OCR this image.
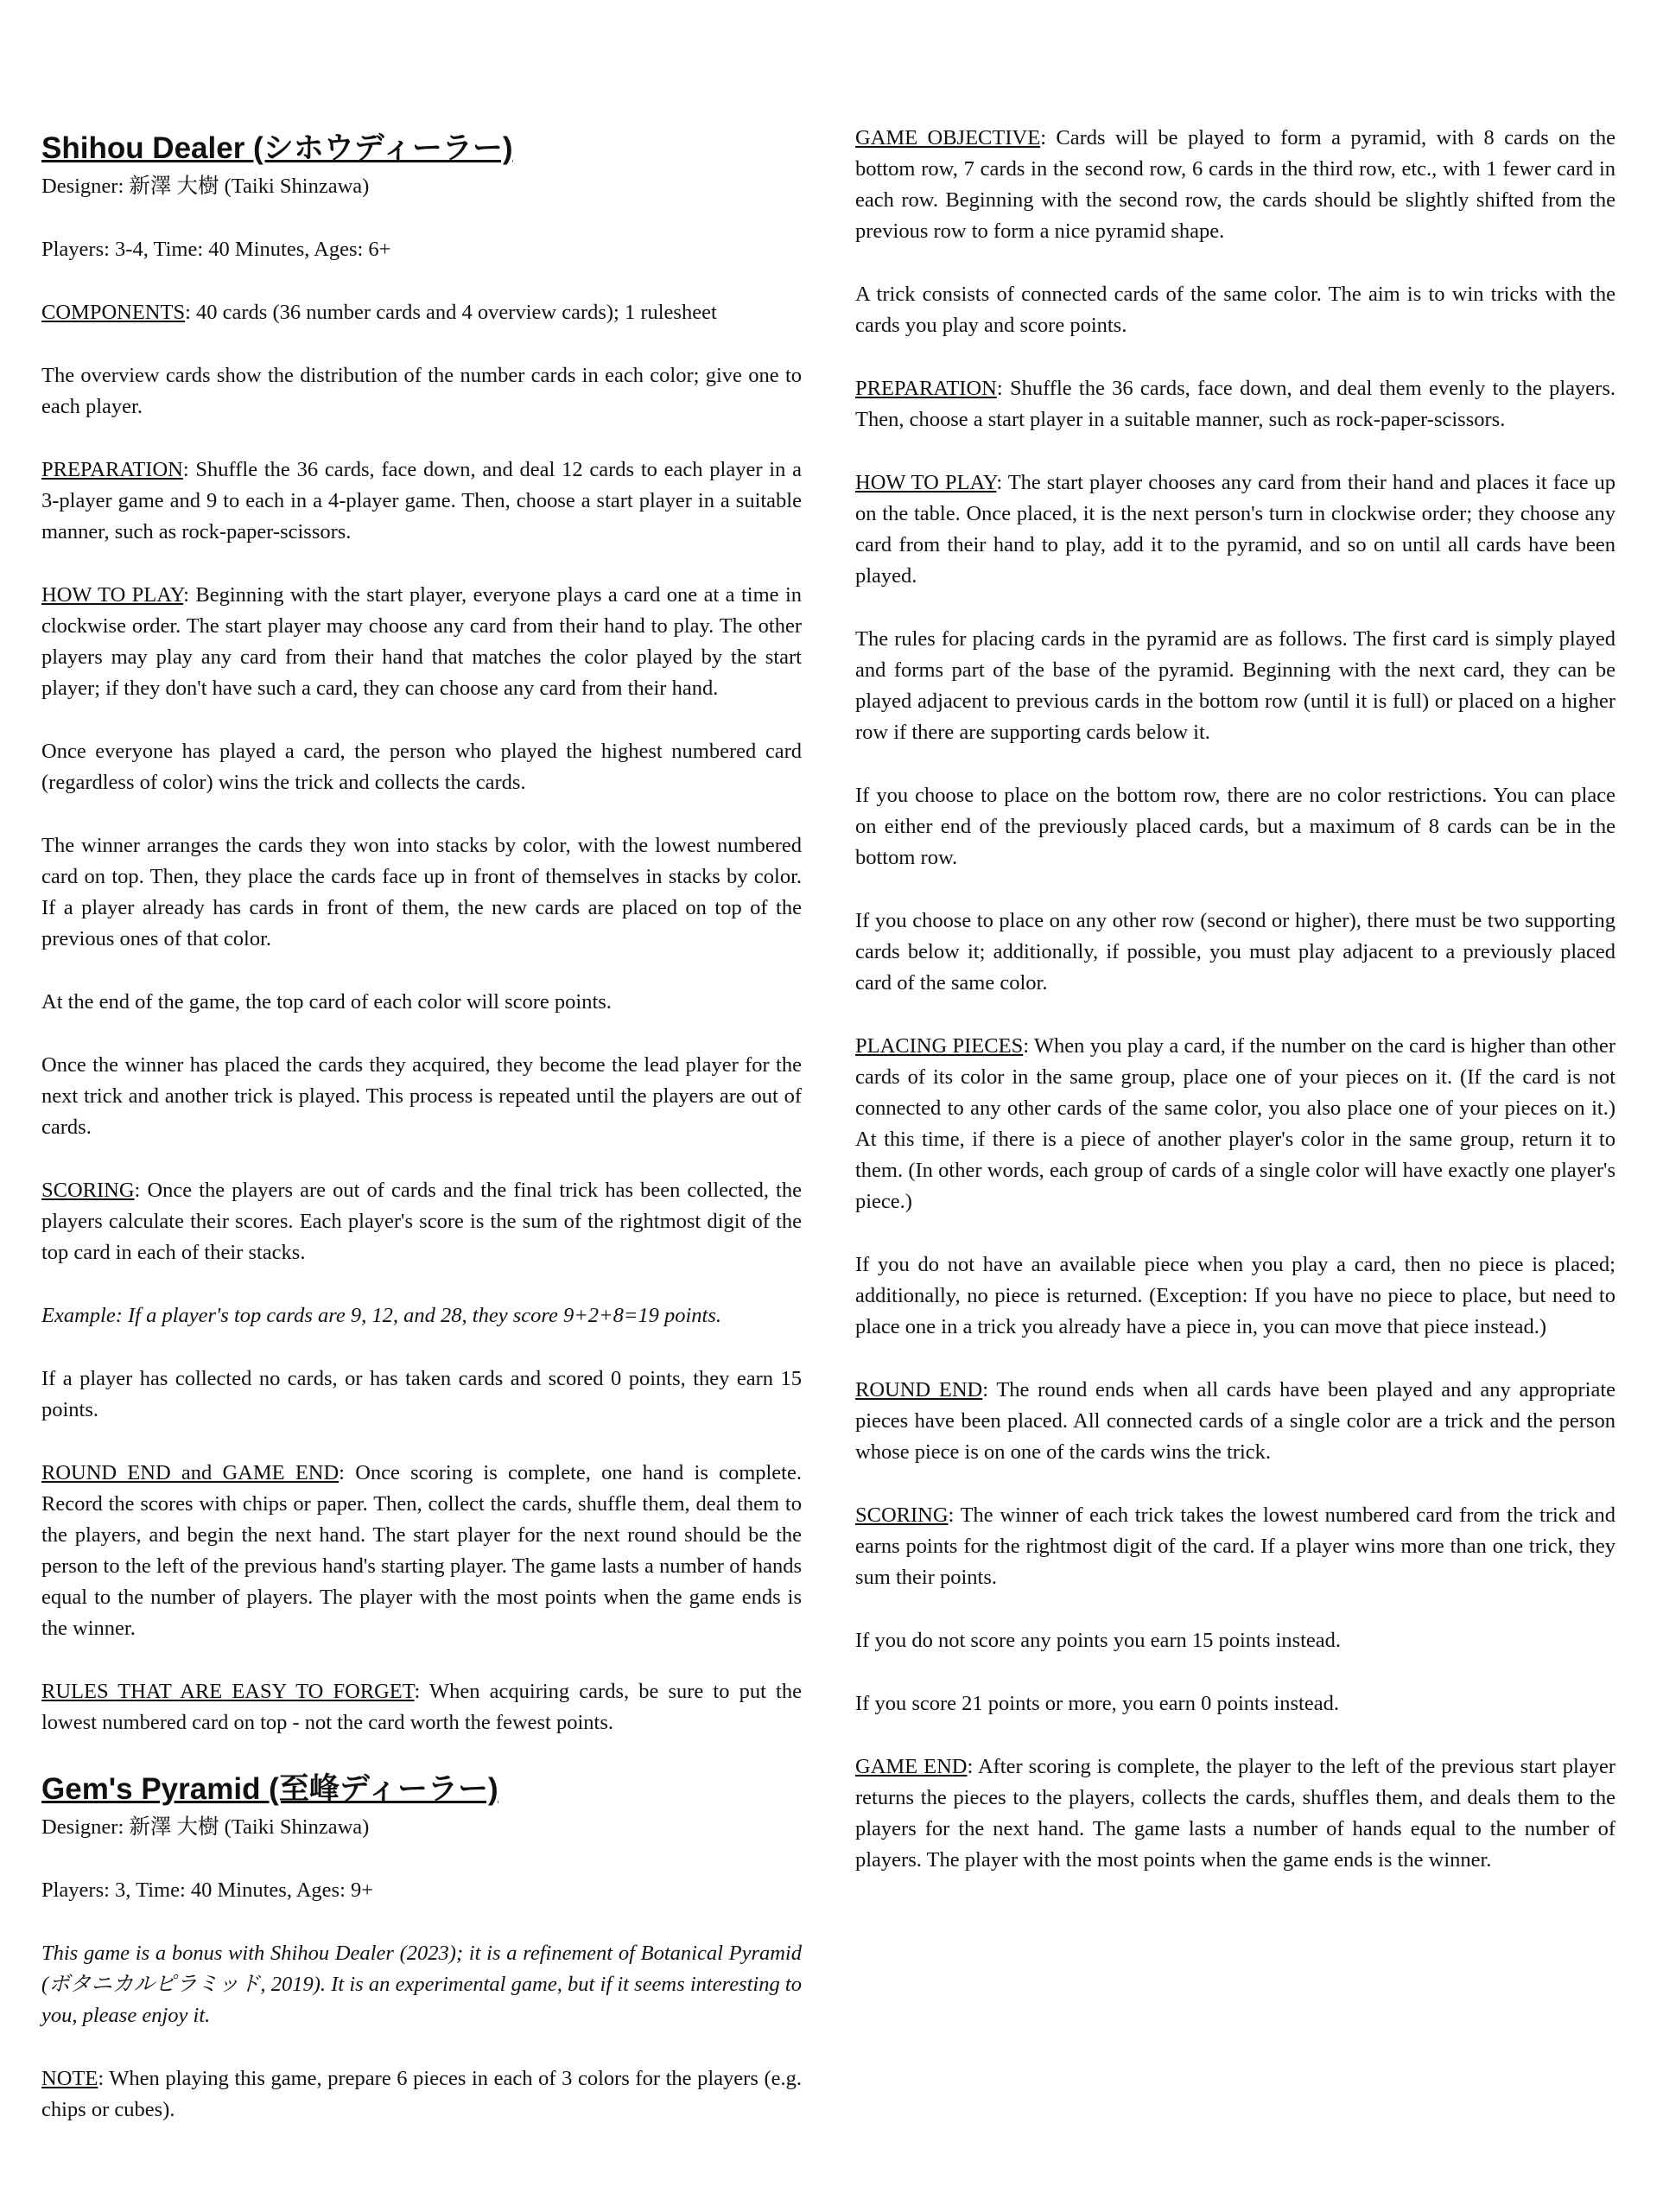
Shihou Dealer (シホウディーラー)

Designer: 新澤 大樹 (Taiki Shinzawa)

Players: 3-4, Time: 40 Minutes, Ages: 6+

COMPONENTS: 40 cards (36 number cards and 4 overview cards); 1 rulesheet

The overview cards show the distribution of the number cards in each color; give one to each player.

PREPARATION: Shuffle the 36 cards, face down, and deal 12 cards to each player in a 3-player game and 9 to each in a 4-player game. Then, choose a start player in a suitable manner, such as rock-paper-scissors.

HOW TO PLAY: Beginning with the start player, everyone plays a card one at a time in clockwise order. The start player may choose any card from their hand to play. The other players may play any card from their hand that matches the color played by the start player; if they don't have such a card, they can choose any card from their hand.

Once everyone has played a card, the person who played the highest numbered card (regardless of color) wins the trick and collects the cards.

The winner arranges the cards they won into stacks by color, with the lowest numbered card on top. Then, they place the cards face up in front of themselves in stacks by color. If a player already has cards in front of them, the new cards are placed on top of the previous ones of that color.

At the end of the game, the top card of each color will score points.

Once the winner has placed the cards they acquired, they become the lead player for the next trick and another trick is played. This process is repeated until the players are out of cards.

SCORING: Once the players are out of cards and the final trick has been collected, the players calculate their scores. Each player's score is the sum of the rightmost digit of the top card in each of their stacks.

Example: If a player's top cards are 9, 12, and 28, they score 9+2+8=19 points.

If a player has collected no cards, or has taken cards and scored 0 points, they earn 15 points.

ROUND END and GAME END: Once scoring is complete, one hand is complete. Record the scores with chips or paper. Then, collect the cards, shuffle them, deal them to the players, and begin the next hand. The start player for the next round should be the person to the left of the previous hand's starting player. The game lasts a number of hands equal to the number of players. The player with the most points when the game ends is the winner.

RULES THAT ARE EASY TO FORGET: When acquiring cards, be sure to put the lowest numbered card on top - not the card worth the fewest points.

Gem's Pyramid (至峰ディーラー)

Designer: 新澤 大樹 (Taiki Shinzawa)

Players: 3, Time: 40 Minutes, Ages: 9+

This game is a bonus with Shihou Dealer (2023); it is a refinement of Botanical Pyramid (ボタニカルピラミッド, 2019). It is an experimental game, but if it seems interesting to you, please enjoy it.

NOTE: When playing this game, prepare 6 pieces in each of 3 colors for the players (e.g. chips or cubes).

GAME OBJECTIVE: Cards will be played to form a pyramid, with 8 cards on the bottom row, 7 cards in the second row, 6 cards in the third row, etc., with 1 fewer card in each row. Beginning with the second row, the cards should be slightly shifted from the previous row to form a nice pyramid shape.

A trick consists of connected cards of the same color. The aim is to win tricks with the cards you play and score points.

PREPARATION: Shuffle the 36 cards, face down, and deal them evenly to the players. Then, choose a start player in a suitable manner, such as rock-paper-scissors.

HOW TO PLAY: The start player chooses any card from their hand and places it face up on the table. Once placed, it is the next person's turn in clockwise order; they choose any card from their hand to play, add it to the pyramid, and so on until all cards have been played.

The rules for placing cards in the pyramid are as follows. The first card is simply played and forms part of the base of the pyramid. Beginning with the next card, they can be played adjacent to previous cards in the bottom row (until it is full) or placed on a higher row if there are supporting cards below it.

If you choose to place on the bottom row, there are no color restrictions. You can place on either end of the previously placed cards, but a maximum of 8 cards can be in the bottom row.

If you choose to place on any other row (second or higher), there must be two supporting cards below it; additionally, if possible, you must play adjacent to a previously placed card of the same color.

PLACING PIECES: When you play a card, if the number on the card is higher than other cards of its color in the same group, place one of your pieces on it. (If the card is not connected to any other cards of the same color, you also place one of your pieces on it.) At this time, if there is a piece of another player's color in the same group, return it to them. (In other words, each group of cards of a single color will have exactly one player's piece.)

If you do not have an available piece when you play a card, then no piece is placed; additionally, no piece is returned. (Exception: If you have no piece to place, but need to place one in a trick you already have a piece in, you can move that piece instead.)

ROUND END: The round ends when all cards have been played and any appropriate pieces have been placed. All connected cards of a single color are a trick and the person whose piece is on one of the cards wins the trick.

SCORING: The winner of each trick takes the lowest numbered card from the trick and earns points for the rightmost digit of the card. If a player wins more than one trick, they sum their points.

If you do not score any points you earn 15 points instead.

If you score 21 points or more, you earn 0 points instead.

GAME END: After scoring is complete, the player to the left of the previous start player returns the pieces to the players, collects the cards, shuffles them, and deals them to the players for the next hand. The game lasts a number of hands equal to the number of players. The player with the most points when the game ends is the winner.
